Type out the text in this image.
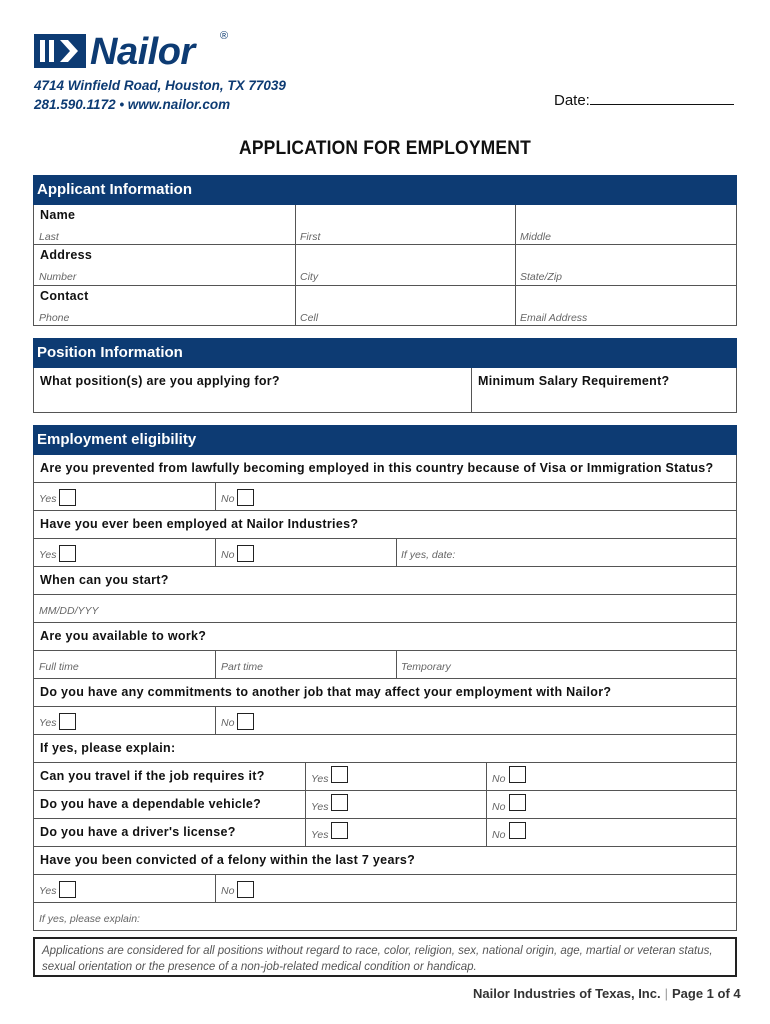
Nailor ®
4714 Winfield Road, Houston, TX 77039
281.590.1172 • www.nailor.com	Date:
APPLICATION FOR EMPLOYMENT
Applicant Information
Name
Last	First	Middle
Address
Number	City	State/Zip
Contact
Phone	Cell	Email Address
Position Information
What position(s) are you applying for?	Minimum Salary Requirement?
Employment eligibility
Are you prevented from lawfully becoming employed in this country because of Visa or Immigration Status?
Yes	No
Have you ever been employed at Nailor Industries?
Yes	No	If yes, date:
When can you start?
MM/DD/YYY
Are you available to work?
Full time	Part time	Temporary
Do you have any commitments to another job that may affect your employment with Nailor?
Yes	No
If yes, please explain:
Can you travel if the job requires it?	Yes	No
Do you have a dependable vehicle?	Yes	No
Do you have a driver's license?	Yes	No
Have you been convicted of a felony within the last 7 years?
Yes	No
If yes, please explain:
Applications are considered for all positions without regard to race, color, religion, sex, national origin, age, martial or veteran status, sexual orientation or the presence of a non-job-related medical condition or handicap.
Nailor Industries of Texas, Inc. | Page 1 of 4
